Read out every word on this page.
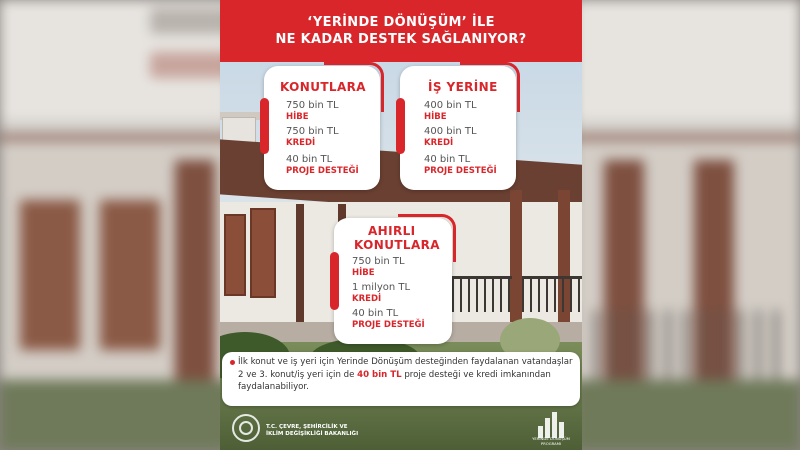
‘YERİNDE DÖNÜŞÜM’ İLE
NE KADAR DESTEK SAĞLANIYOR?
KONUTLARA
750 bin TL
HİBE
750 bin TL
KREDİ
40 bin TL
PROJE DESTEĞİ
İŞ YERİNE
400 bin TL
HİBE
400 bin TL
KREDİ
40 bin TL
PROJE DESTEĞİ
AHIRLI
KONUTLARA
750 bin TL
HİBE
1 milyon TL
KREDİ
40 bin TL
PROJE DESTEĞİ

İlk konut ve iş yeri için Yerinde Dönüşüm desteğinden faydalanan vatandaşlar 2 ve 3. konut/iş yeri için de 40 bin TL proje desteği ve kredi imkanından faydalanabiliyor.

T.C. ÇEVRE, ŞEHİRCİLİK VE
İKLİM DEĞİŞİKLİĞİ BAKANLIĞI
YERİNDE DÖNÜŞÜM PROGRAMI
